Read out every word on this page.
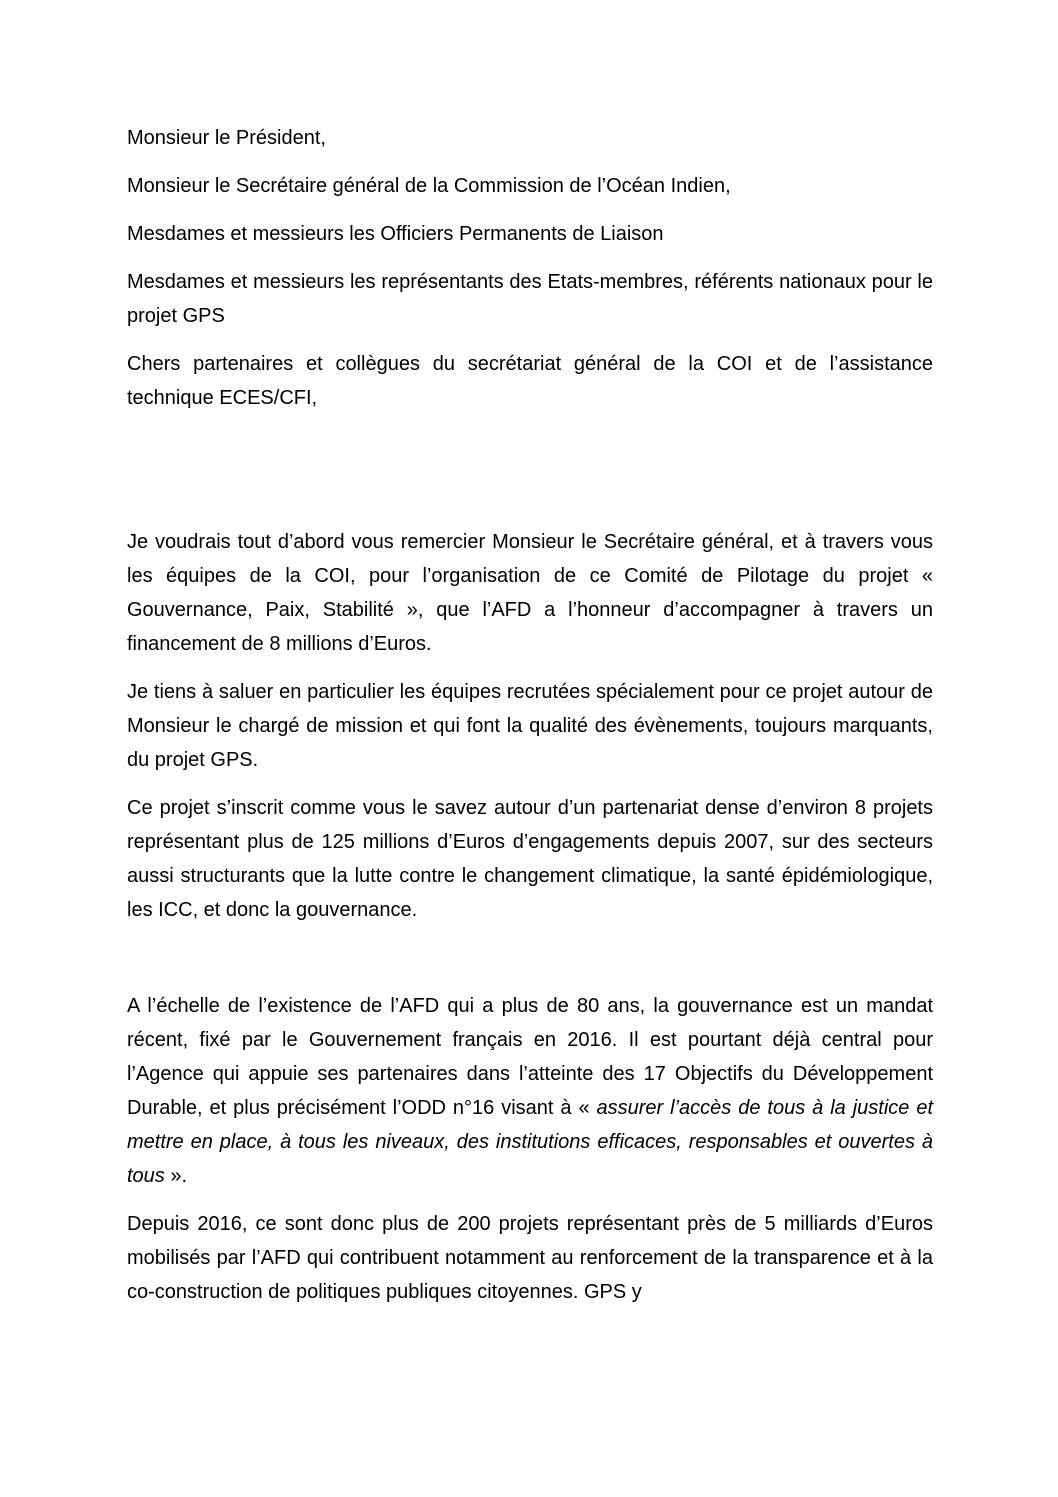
Monsieur le Président,

Monsieur le Secrétaire général de la Commission de l’Océan Indien,

Mesdames et messieurs les Officiers Permanents de Liaison

Mesdames et messieurs les représentants des Etats-membres, référents nationaux pour le projet GPS

Chers partenaires et collègues du secrétariat général de la COI et de l’assistance technique ECES/CFI,

Je voudrais tout d’abord vous remercier Monsieur le Secrétaire général, et à travers vous les équipes de la COI, pour l’organisation de ce Comité de Pilotage du projet « Gouvernance, Paix, Stabilité », que l’AFD a l’honneur d’accompagner à travers un financement de 8 millions d’Euros.

Je tiens à saluer en particulier les équipes recrutées spécialement pour ce projet autour de Monsieur le chargé de mission et qui font la qualité des évènements, toujours marquants, du projet GPS.

Ce projet s’inscrit comme vous le savez autour d’un partenariat dense d’environ 8 projets représentant plus de 125 millions d’Euros d’engagements depuis 2007, sur des secteurs aussi structurants que la lutte contre le changement climatique, la santé épidémiologique, les ICC, et donc la gouvernance.

A l’échelle de l’existence de l’AFD qui a plus de 80 ans, la gouvernance est un mandat récent, fixé par le Gouvernement français en 2016. Il est pourtant déjà central pour l’Agence qui appuie ses partenaires dans l’atteinte des 17 Objectifs du Développement Durable, et plus précisément l’ODD n°16 visant à « assurer l’accès de tous à la justice et mettre en place, à tous les niveaux, des institutions efficaces, responsables et ouvertes à tous ».

Depuis 2016, ce sont donc plus de 200 projets représentant près de 5 milliards d’Euros mobilisés par l’AFD qui contribuent notamment au renforcement de la transparence et à la co-construction de politiques publiques citoyennes. GPS y
